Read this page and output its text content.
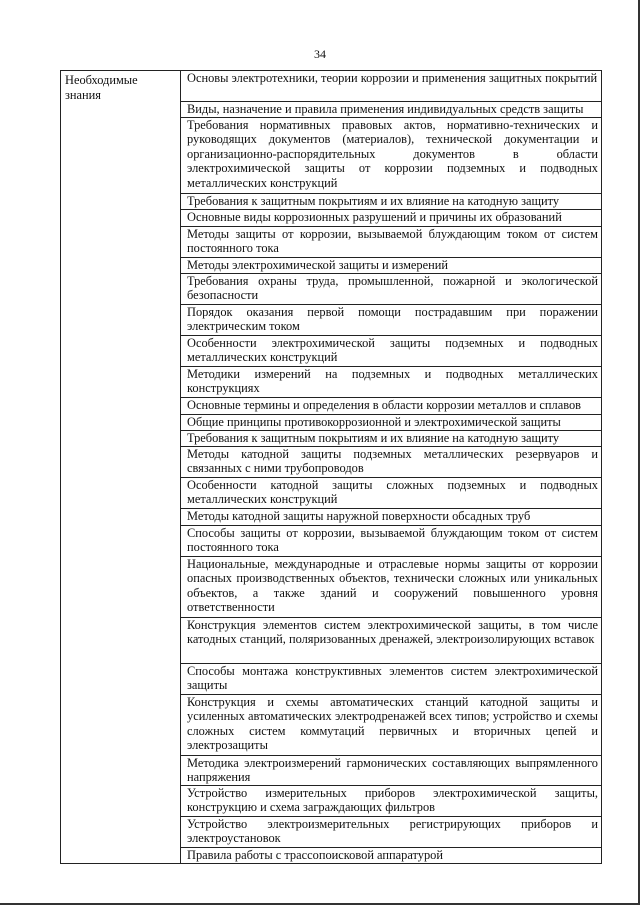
34
Необходимые знания	Основы электротехники, теории коррозии и применения защитных покрытий
Виды, назначение и правила применения индивидуальных средств защиты
Требования нормативных правовых актов, нормативно-технических и руководящих документов (материалов), технической документации и организационно-распорядительных документов в области электрохимической защиты от коррозии подземных и подводных металлических конструкций
Требования к защитным покрытиям и их влияние на катодную защиту
Основные виды коррозионных разрушений и причины их образований
Методы защиты от коррозии, вызываемой блуждающим током от систем постоянного тока
Методы электрохимической защиты и измерений
Требования охраны труда, промышленной, пожарной и экологической безопасности
Порядок оказания первой помощи пострадавшим при поражении электрическим током
Особенности электрохимической защиты подземных и подводных металлических конструкций
Методики измерений на подземных и подводных металлических конструкциях
Основные термины и определения в области коррозии металлов и сплавов
Общие принципы противокоррозионной и электрохимической защиты
Требования к защитным покрытиям и их влияние на катодную защиту
Методы катодной защиты подземных металлических резервуаров и связанных с ними трубопроводов
Особенности катодной защиты сложных подземных и подводных металлических конструкций
Методы катодной защиты наружной поверхности обсадных труб
Способы защиты от коррозии, вызываемой блуждающим током от систем постоянного тока
Национальные, международные и отраслевые нормы защиты от коррозии опасных производственных объектов, технически сложных или уникальных объектов, а также зданий и сооружений повышенного уровня ответственности
Конструкция элементов систем электрохимической защиты, в том числе катодных станций, поляризованных дренажей, электроизолирующих вставок
Способы монтажа конструктивных элементов систем электрохимической защиты
Конструкция и схемы автоматических станций катодной защиты и усиленных автоматических электродренажей всех типов; устройство и схемы сложных систем коммутаций первичных и вторичных цепей и электрозащиты
Методика электроизмерений гармонических составляющих выпрямленного напряжения
Устройство измерительных приборов электрохимической защиты, конструкцию и схема заграждающих фильтров
Устройство электроизмерительных регистрирующих приборов и электроустановок
Правила работы с трассопоисковой аппаратурой
